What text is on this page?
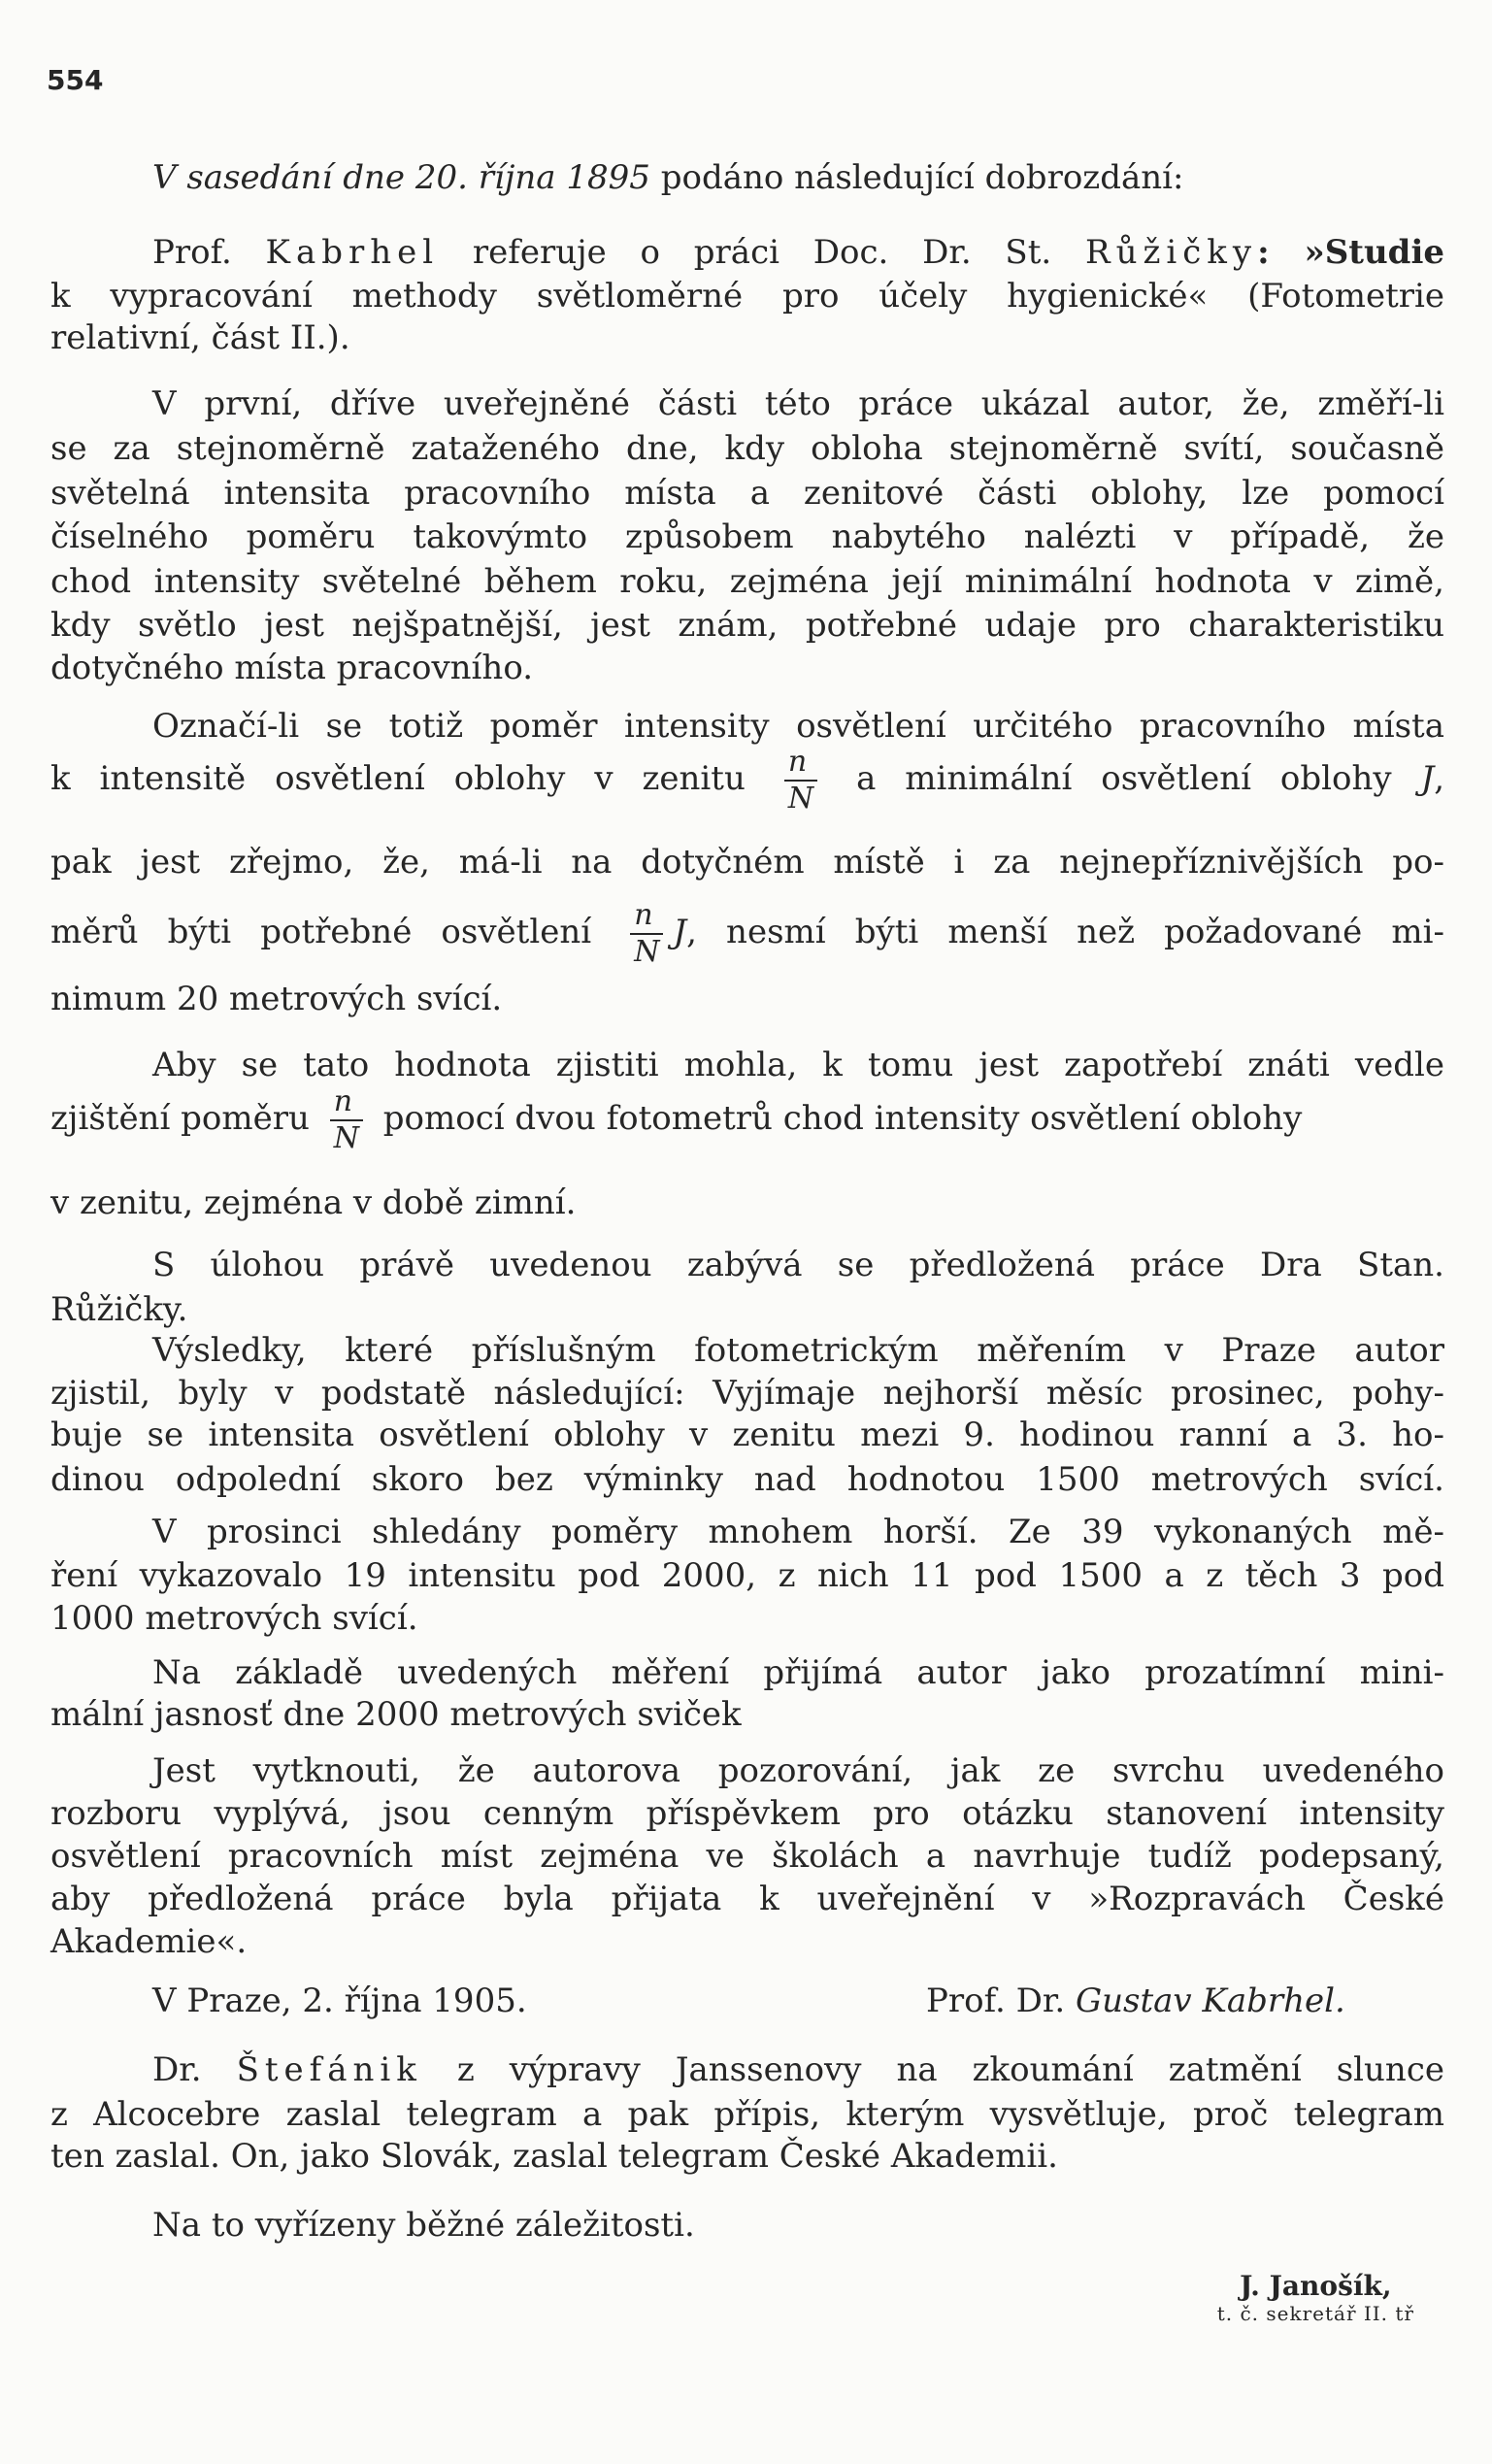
554
V sasedání dne 20. října 1895 podáno následující dobrozdání:
Prof. Kabrhel referuje o práci Doc. Dr. St. Růžičky: »Studie
k vypracování methody světloměrné pro účely hygienické« (Fotometrie
relativní, část II.).
V první, dříve uveřejněné části této práce ukázal autor, že, změří-li
se za stejnoměrně zataženého dne, kdy obloha stejnoměrně svítí, současně
světelná intensita pracovního místa a zenitové části oblohy, lze pomocí
číselného poměru takovýmto způsobem nabytého nalézti v případě, že
chod intensity světelné během roku, zejména její minimální hodnota v zimě,
kdy světlo jest nejšpatnější, jest znám, potřebné udaje pro charakteristiku
dotyčného místa pracovního.
Označí-li se totiž poměr intensity osvětlení určitého pracovního místa
k intensitě osvětlení oblohy v zenitu $\frac{n}{N}$ a minimální osvětlení oblohy J,
pak jest zřejmo, že, má-li na dotyčném místě i za nejnepříznivějších po-
měrů býti potřebné osvětlení $\frac{n}{N} J$, nesmí býti menší než požadované mi-
nimum 20 metrových svící.
Aby se tato hodnota zjistiti mohla, k tomu jest zapotřebí znáti vedle
zjištění poměru $\frac{n}{N}$ pomocí dvou fotometrů chod intensity osvětlení oblohy
v zenitu, zejména v době zimní.
S úlohou právě uvedenou zabývá se předložená práce Dra Stan.
Růžičky.
Výsledky, které příslušným fotometrickým měřením v Praze autor
zjistil, byly v podstatě následující: Vyjímaje nejhorší měsíc prosinec, pohy-
buje se intensita osvětlení oblohy v zenitu mezi 9. hodinou ranní a 3. ho-
dinou odpolední skoro bez výminky nad hodnotou 1500 metrových svící.
V prosinci shledány poměry mnohem horší. Ze 39 vykonaných mě-
ření vykazovalo 19 intensitu pod 2000, z nich 11 pod 1500 a z těch 3 pod
1000 metrových svící.
Na základě uvedených měření přijímá autor jako prozatímní mini-
mální jasnosť dne 2000 metrových sviček
Jest vytknouti, že autorova pozorování, jak ze svrchu uvedeného
rozboru vyplývá, jsou cenným příspěvkem pro otázku stanovení intensity
osvětlení pracovních míst zejména ve školách a navrhuje tudíž podepsaný,
aby předložená práce byla přijata k uveřejnění v »Rozpravách České
Akademie«.
V Praze, 2. října 1905.	Prof. Dr. Gustav Kabrhel.
Dr. Štefánik z výpravy Janssenovy na zkoumání zatmění slunce
z Alcocebre zaslal telegram a pak přípis, kterým vysvětluje, proč telegram
ten zaslal. On, jako Slovák, zaslal telegram České Akademii.
Na to vyřízeny běžné záležitosti.
J. Janošík,
t. č. sekretář II. tř
